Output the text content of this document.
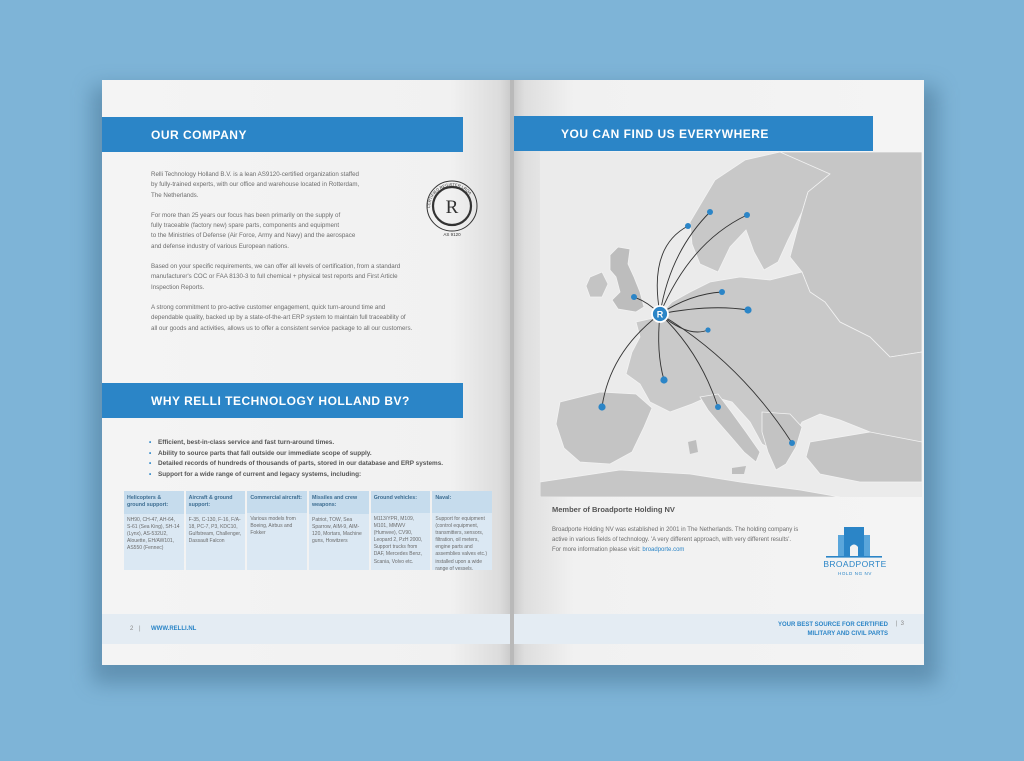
OUR COMPANY
Relli Technology Holland B.V. is a lean AS9120-certified organization staffed
by fully-trained experts, with our office and warehouse located in Rotterdam,
The Netherlands.
For more than 25 years our focus has been primarily on the supply of
fully traceable (factory new) spare parts, components and equipment
to the Ministries of Defense (Air Force, Army and Navy) and the aerospace
and defense industry of various European nations.
Based on your specific requirements, we can offer all levels of certification, from a standard
manufacturer's COC or FAA 8130-3 to full chemical + physical test reports and First Article
Inspection Reports.
A strong commitment to pro-active customer engagement, quick turn-around time and
dependable quality, backed up by a state-of-the-art ERP system to maintain full traceability of
all our goods and activities, allows us to offer a consistent service package to all our customers.
CERTIFIED REGISTER LRQA
R
AS 9120
WHY RELLI TECHNOLOGY HOLLAND BV?
•	Efficient, best-in-class service and fast turn-around times.
•	Ability to source parts that fall outside our immediate scope of supply.
•	Detailed records of hundreds of thousands of parts, stored in our database and ERP systems.
•	Support for a wide range of current and legacy systems, including:
Helicopters & ground support:
NH90, CH-47, AH-64, S-61 (Sea King), SH-14 (Lynx), AS-532U2, Alouette, EH/AW101, AS550 (Fennec)
Aircraft & ground support:
F-35, C-130, F-16, F/A-18, PC-7, P3, KDC10, Gulfstream, Challenger, Dassault Falcon
Commercial aircraft:
Various models from Boeing, Airbus and Fokker
Missiles and crew weapons:
Patriot, TOW, Sea Sparrow, AIM-9, AIM-120, Mortars, Machine guns, Howitzers
Ground vehicles:
M113/YPR, M109, M101, MMWV (Humvee), CV90, Leopard 2, PzH 2000, Support trucks from DAF, Mercedes Benz, Scania, Volvo etc.
Naval:
Support for equipment (control equipment, transmitters, sensors, filtration, oil meters, engine parts and assemblies valves etc.) installed upon a wide range of vessels.
2 | WWW.RELLI.NL
YOU CAN FIND US EVERYWHERE
R
Member of Broadporte Holding NV
Broadporte Holding NV was established in 2001 in The Netherlands. The holding company is
active in various fields of technology. 'A very different approach, with very different results'.
For more information please visit: broadporte.com
BROADPORTE
HOLD NG NV
YOUR BEST SOURCE FOR CERTIFIED
MILITARY AND CIVIL PARTS
| 3
